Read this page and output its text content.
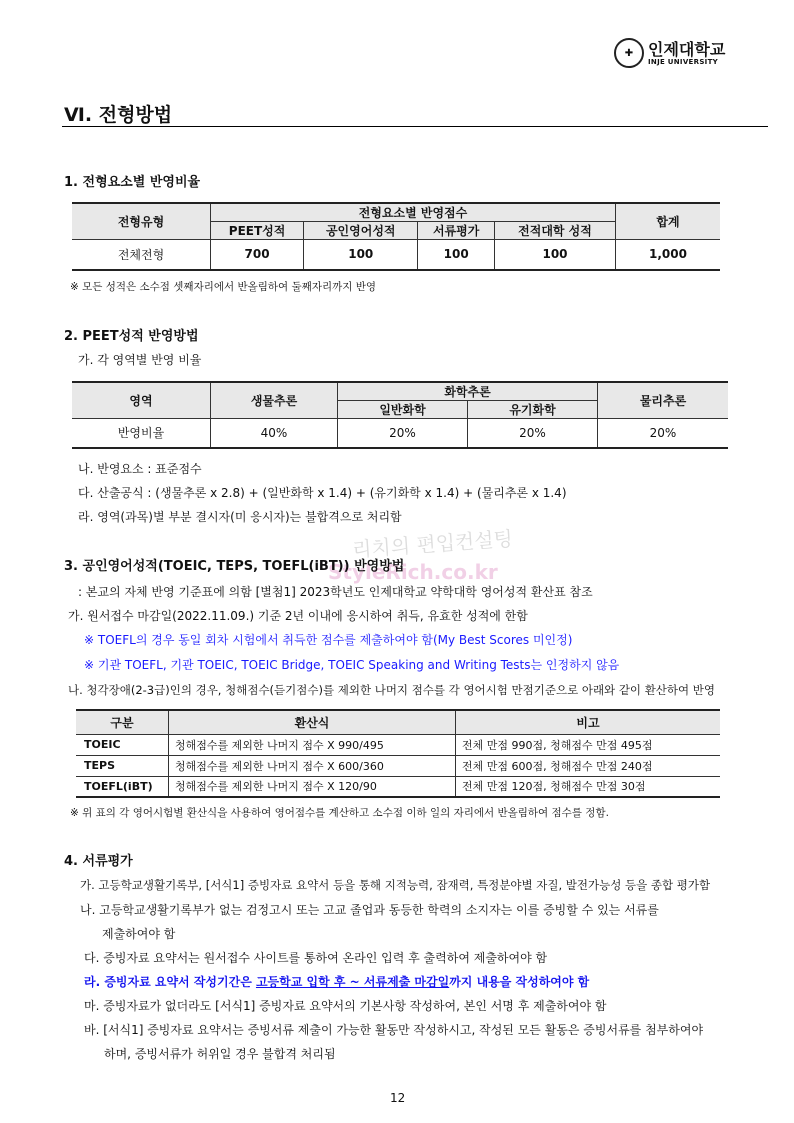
✚ 인제대학교
INJE UNIVERSITY
Ⅵ. 전형방법
1. 전형요소별 반영비율
전형유형	전형요소별 반영점수				합계
	PEET성적	공인영어성적	서류평가	전적대학 성적	
전체전형	700	100	100	100	1,000
※ 모든 성적은 소수점 셋째자리에서 반올림하여 둘째자리까지 반영
2. PEET성적 반영방법
가. 각 영역별 반영 비율
영역	생물추론	화학추론		물리추론
		일반화학	유기화학	
반영비율	40%	20%	20%	20%
나. 반영요소 : 표준점수
다. 산출공식 : (생물추론 x 2.8) + (일반화학 x 1.4) + (유기화학 x 1.4) + (물리추론 x 1.4)
라. 영역(과목)별 부분 결시자(미 응시자)는 불합격으로 처리함
리치의 편입컨설팅
StyleRich.co.kr
3. 공인영어성적(TOEIC, TEPS, TOEFL(iBT)) 반영방법
: 본교의 자체 반영 기준표에 의함 [별첨1] 2023학년도 인제대학교 약학대학 영어성적 환산표 참조
가. 원서접수 마감일(2022.11.09.) 기준 2년 이내에 응시하여 취득, 유효한 성적에 한함
※ TOEFL의 경우 동일 회차 시험에서 취득한 점수를 제출하여야 함(My Best Scores 미인정)
※ 기관 TOEFL, 기관 TOEIC, TOEIC Bridge, TOEIC Speaking and Writing Tests는 인정하지 않음
나. 청각장애(2-3급)인의 경우, 청해점수(듣기점수)를 제외한 나머지 점수를 각 영어시험 만점기준으로 아래와 같이 환산하여 반영
구분	환산식	비고
TOEIC	청해점수를 제외한 나머지 점수 X 990/495	전체 만점 990점, 청해점수 만점 495점
TEPS	청해점수를 제외한 나머지 점수 X 600/360	전체 만점 600점, 청해점수 만점 240점
TOEFL(iBT)	청해점수를 제외한 나머지 점수 X 120/90	전체 만점 120점, 청해점수 만점 30점
※ 위 표의 각 영어시험별 환산식을 사용하여 영어점수를 계산하고 소수점 이하 일의 자리에서 반올림하여 점수를 정함.
4. 서류평가
가. 고등학교생활기록부, [서식1] 증빙자료 요약서 등을 통해 지적능력, 잠재력, 특정분야별 자질, 발전가능성 등을 종합 평가함
나. 고등학교생활기록부가 없는 검정고시 또는 고교 졸업과 동등한 학력의 소지자는 이를 증빙할 수 있는 서류를
제출하여야 함
다. 증빙자료 요약서는 원서접수 사이트를 통하여 온라인 입력 후 출력하여 제출하여야 함
라. 증빙자료 요약서 작성기간은 고등학교 입학 후 ~ 서류제출 마감일까지 내용을 작성하여야 함
마. 증빙자료가 없더라도 [서식1] 증빙자료 요약서의 기본사항 작성하여, 본인 서명 후 제출하여야 함
바. [서식1] 증빙자료 요약서는 증빙서류 제출이 가능한 활동만 작성하시고, 작성된 모든 활동은 증빙서류를 첨부하여야
하며, 증빙서류가 허위일 경우 불합격 처리됨
12
